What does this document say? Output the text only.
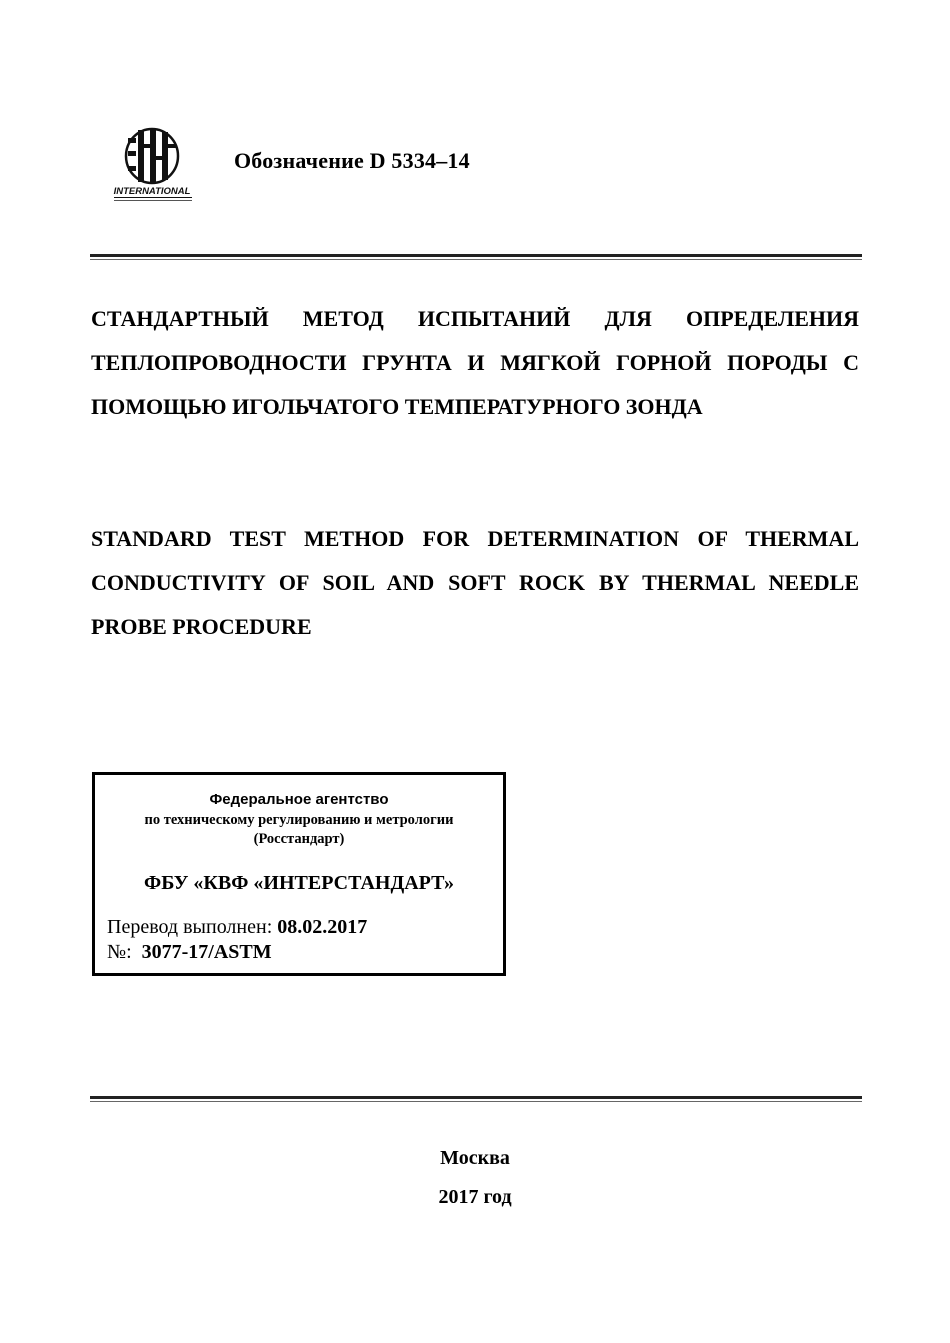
INTERNATIONAL
Обозначение D 5334–14
СТАНДАРТНЫЙ МЕТОД ИСПЫТАНИЙ ДЛЯ ОПРЕДЕЛЕНИЯ ТЕПЛОПРОВОДНОСТИ ГРУНТА И МЯГКОЙ ГОРНОЙ ПОРОДЫ С ПОМОЩЬЮ ИГОЛЬЧАТОГО ТЕМПЕРАТУРНОГО ЗОНДА
STANDARD TEST METHOD FOR DETERMINATION OF THERMAL CONDUCTIVITY OF SOIL AND SOFT ROCK BY THERMAL NEEDLE PROBE PROCEDURE
Федеральное агентство
по техническому регулированию и метрологии
(Росстандарт)
ФБУ «КВФ «ИНТЕРСТАНДАРТ»
Перевод выполнен: 08.02.2017
№: 3077-17/ASTM
Москва
2017 год
